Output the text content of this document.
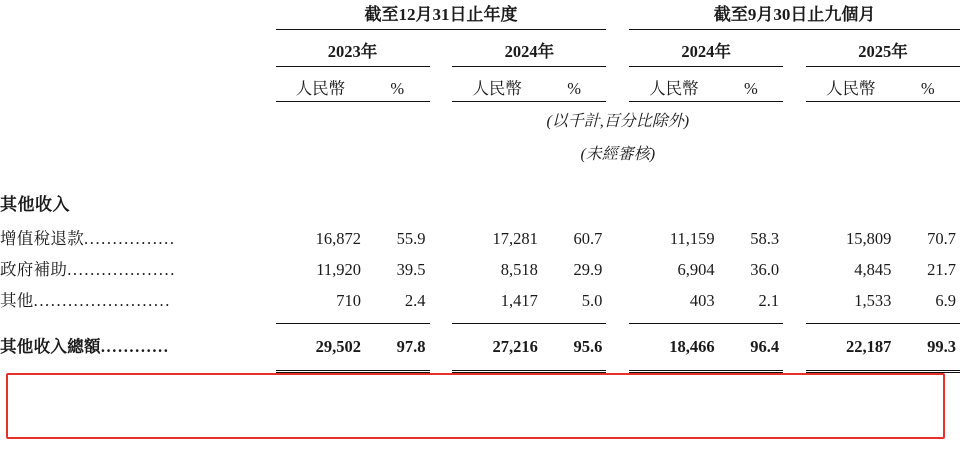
	截至12月31日止年度						截至9月30日止九個月				

	2023年			2024年			2024年			2025年	

	人民幣	%		人民幣	%		人民幣	%		人民幣	%
	(以千計,百分比除外)										
	(未經審核)										
其他收入											
增值稅退款................	16,872	55.9		17,281	60.7		11,159	58.3		15,809	70.7
政府補助...................	11,920	39.5		8,518	29.9		6,904	36.0		4,845	21.7
其他........................	710	2.4		1,417	5.0		403	2.1		1,533	6.9

其他收入總額............	29,502	97.8		27,216	95.6		18,466	96.4		22,187	99.3
